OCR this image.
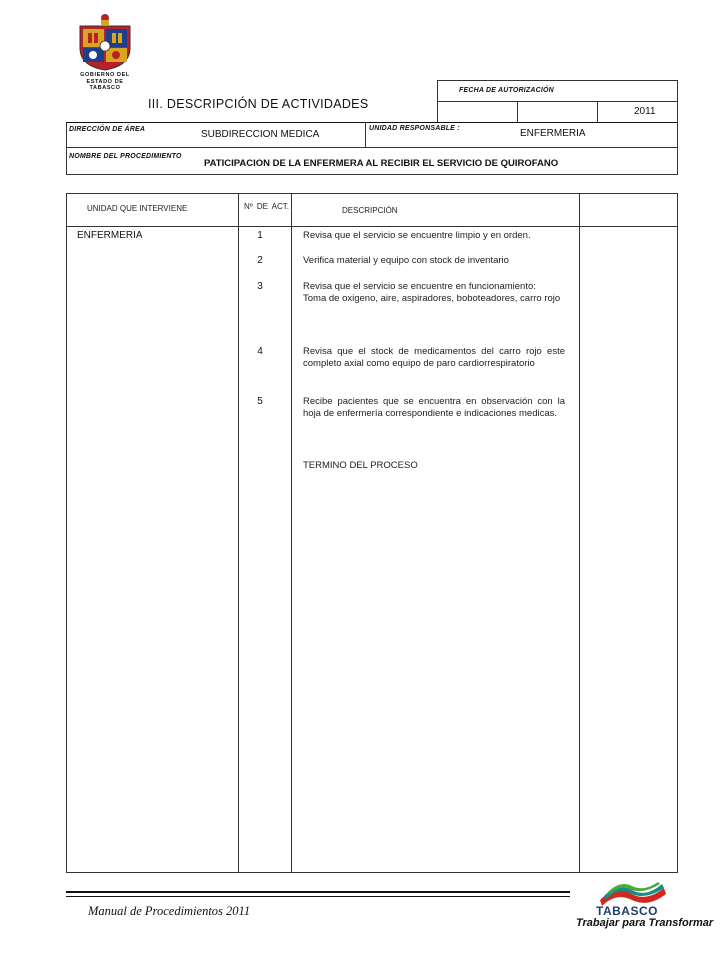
GOBIERNO DEL
ESTADO DE
TABASCO
III. DESCRIPCIÓN DE ACTIVIDADES
FECHA DE AUTORIZACIÓN
2011
DIRECCIÓN DE ÁREA	SUBDIRECCION MEDICA
UNIDAD RESPONSABLE :	ENFERMERIA
NOMBRE DEL PROCEDIMIENTO
PATICIPACION DE LA ENFERMERA AL RECIBIR EL SERVICIO DE QUIROFANO
UNIDAD QUE INTERVIENE	Nº DE ACT.	DESCRIPCIÓN
ENFERMERIA	1	Revisa que el servicio se encuentre limpio y en orden.
2	Verifica material y equipo con stock de inventario
3	Revisa que el servicio se encuentre en funcionamiento:
Toma de oxigeno, aire, aspiradores, boboteadores, carro rojo
4	Revisa que el stock de medicamentos del carro rojo este completo axial como equipo de paro cardiorrespiratorio
5	Recibe pacientes que se encuentra en observación con la hoja de enfermería correspondiente e indicaciones medicas.
TERMINO DEL PROCESO
Manual de Procedimientos 2011	TABASCO
Trabajar para Transformar
